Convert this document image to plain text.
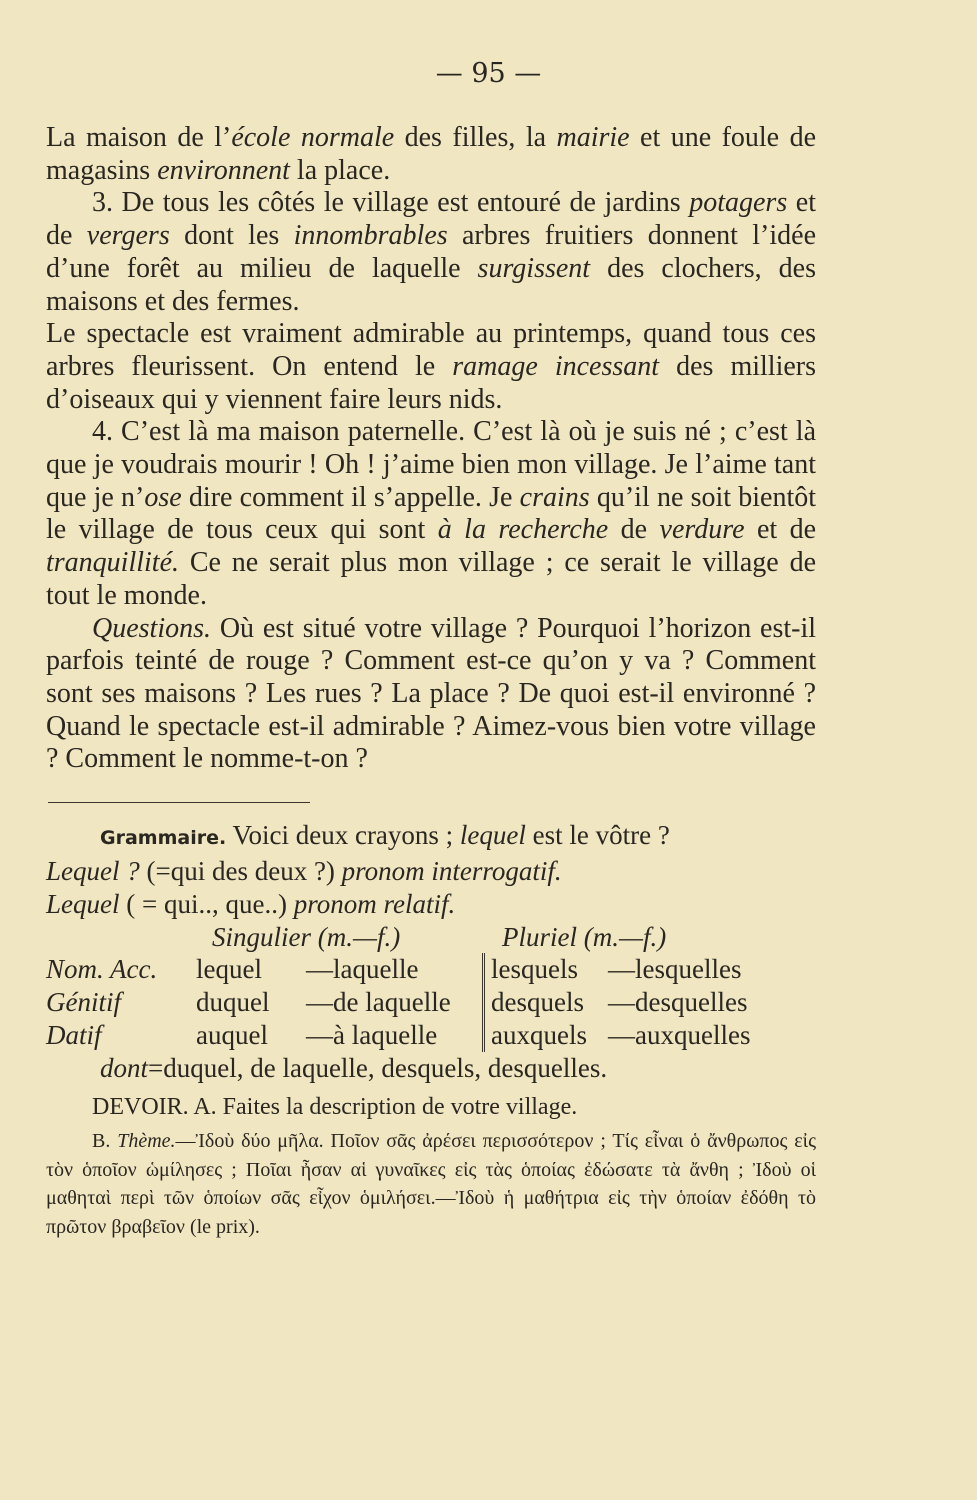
— 95 —

La maison de l’école normale des filles, la mairie et une foule de magasins environnent la place.

3. De tous les côtés le village est entouré de jardins potagers et de vergers dont les innombrables arbres fruitiers donnent l’idée d’une forêt au milieu de laquelle surgissent des clochers, des maisons et des fermes.

Le spectacle est vraiment admirable au printemps, quand tous ces arbres fleurissent. On entend le ramage incessant des milliers d’oiseaux qui y viennent faire leurs nids.

4. C’est là ma maison paternelle. C’est là où je suis né ; c’est là que je voudrais mourir ! Oh ! j’aime bien mon village. Je l’aime tant que je n’ose dire comment il s’appelle. Je crains qu’il ne soit bientôt le village de tous ceux qui sont à la recherche de verdure et de tranquillité. Ce ne serait plus mon village ; ce serait le village de tout le monde.

Questions. Où est situé votre village ? Pourquoi l’horizon est-il parfois teinté de rouge ? Comment est-ce qu’on y va ? Comment sont ses maisons ? Les rues ? La place ? De quoi est-il environné ? Quand le spectacle est-il admirable ? Aimez-vous bien votre village ? Comment le nomme-t-on ?

Grammaire. Voici deux crayons ; lequel est le vôtre ?

Lequel ? (=qui des deux ?) pronom interrogatif.

Lequel ( = qui.., que..) pronom relatif.

Singulier (m.—f.)	Pluriel (m.—f.)
Nom. Acc.	lequel	—laquelle	lesquels	—lesquelles
Génitif	duquel	—de laquelle	desquels	—desquelles
Datif	auquel	—à laquelle	auxquels	—auxquelles

dont=duquel, de laquelle, desquels, desquelles.

DEVOIR. A. Faites la description de votre village.

B. Thème.—Ἰδοὺ δύο μῆλα. Ποῖον σᾶς ἀρέσει περισσότερον ; Τίς εἶναι ὁ ἄνθρωπος εἰς τὸν ὁποῖον ὡμίλησες ; Ποῖαι ἦσαν αἱ γυναῖκες εἰς τὰς ὁποίας ἐδώσατε τὰ ἄνθη ; Ἰδοὺ οἱ μαθηταὶ περὶ τῶν ὁποίων σᾶς εἶχον ὁμιλήσει.—Ἰδοὺ ἡ μαθήτρια εἰς τὴν ὁποίαν ἐδόθη τὸ πρῶτον βραβεῖον (le prix).
